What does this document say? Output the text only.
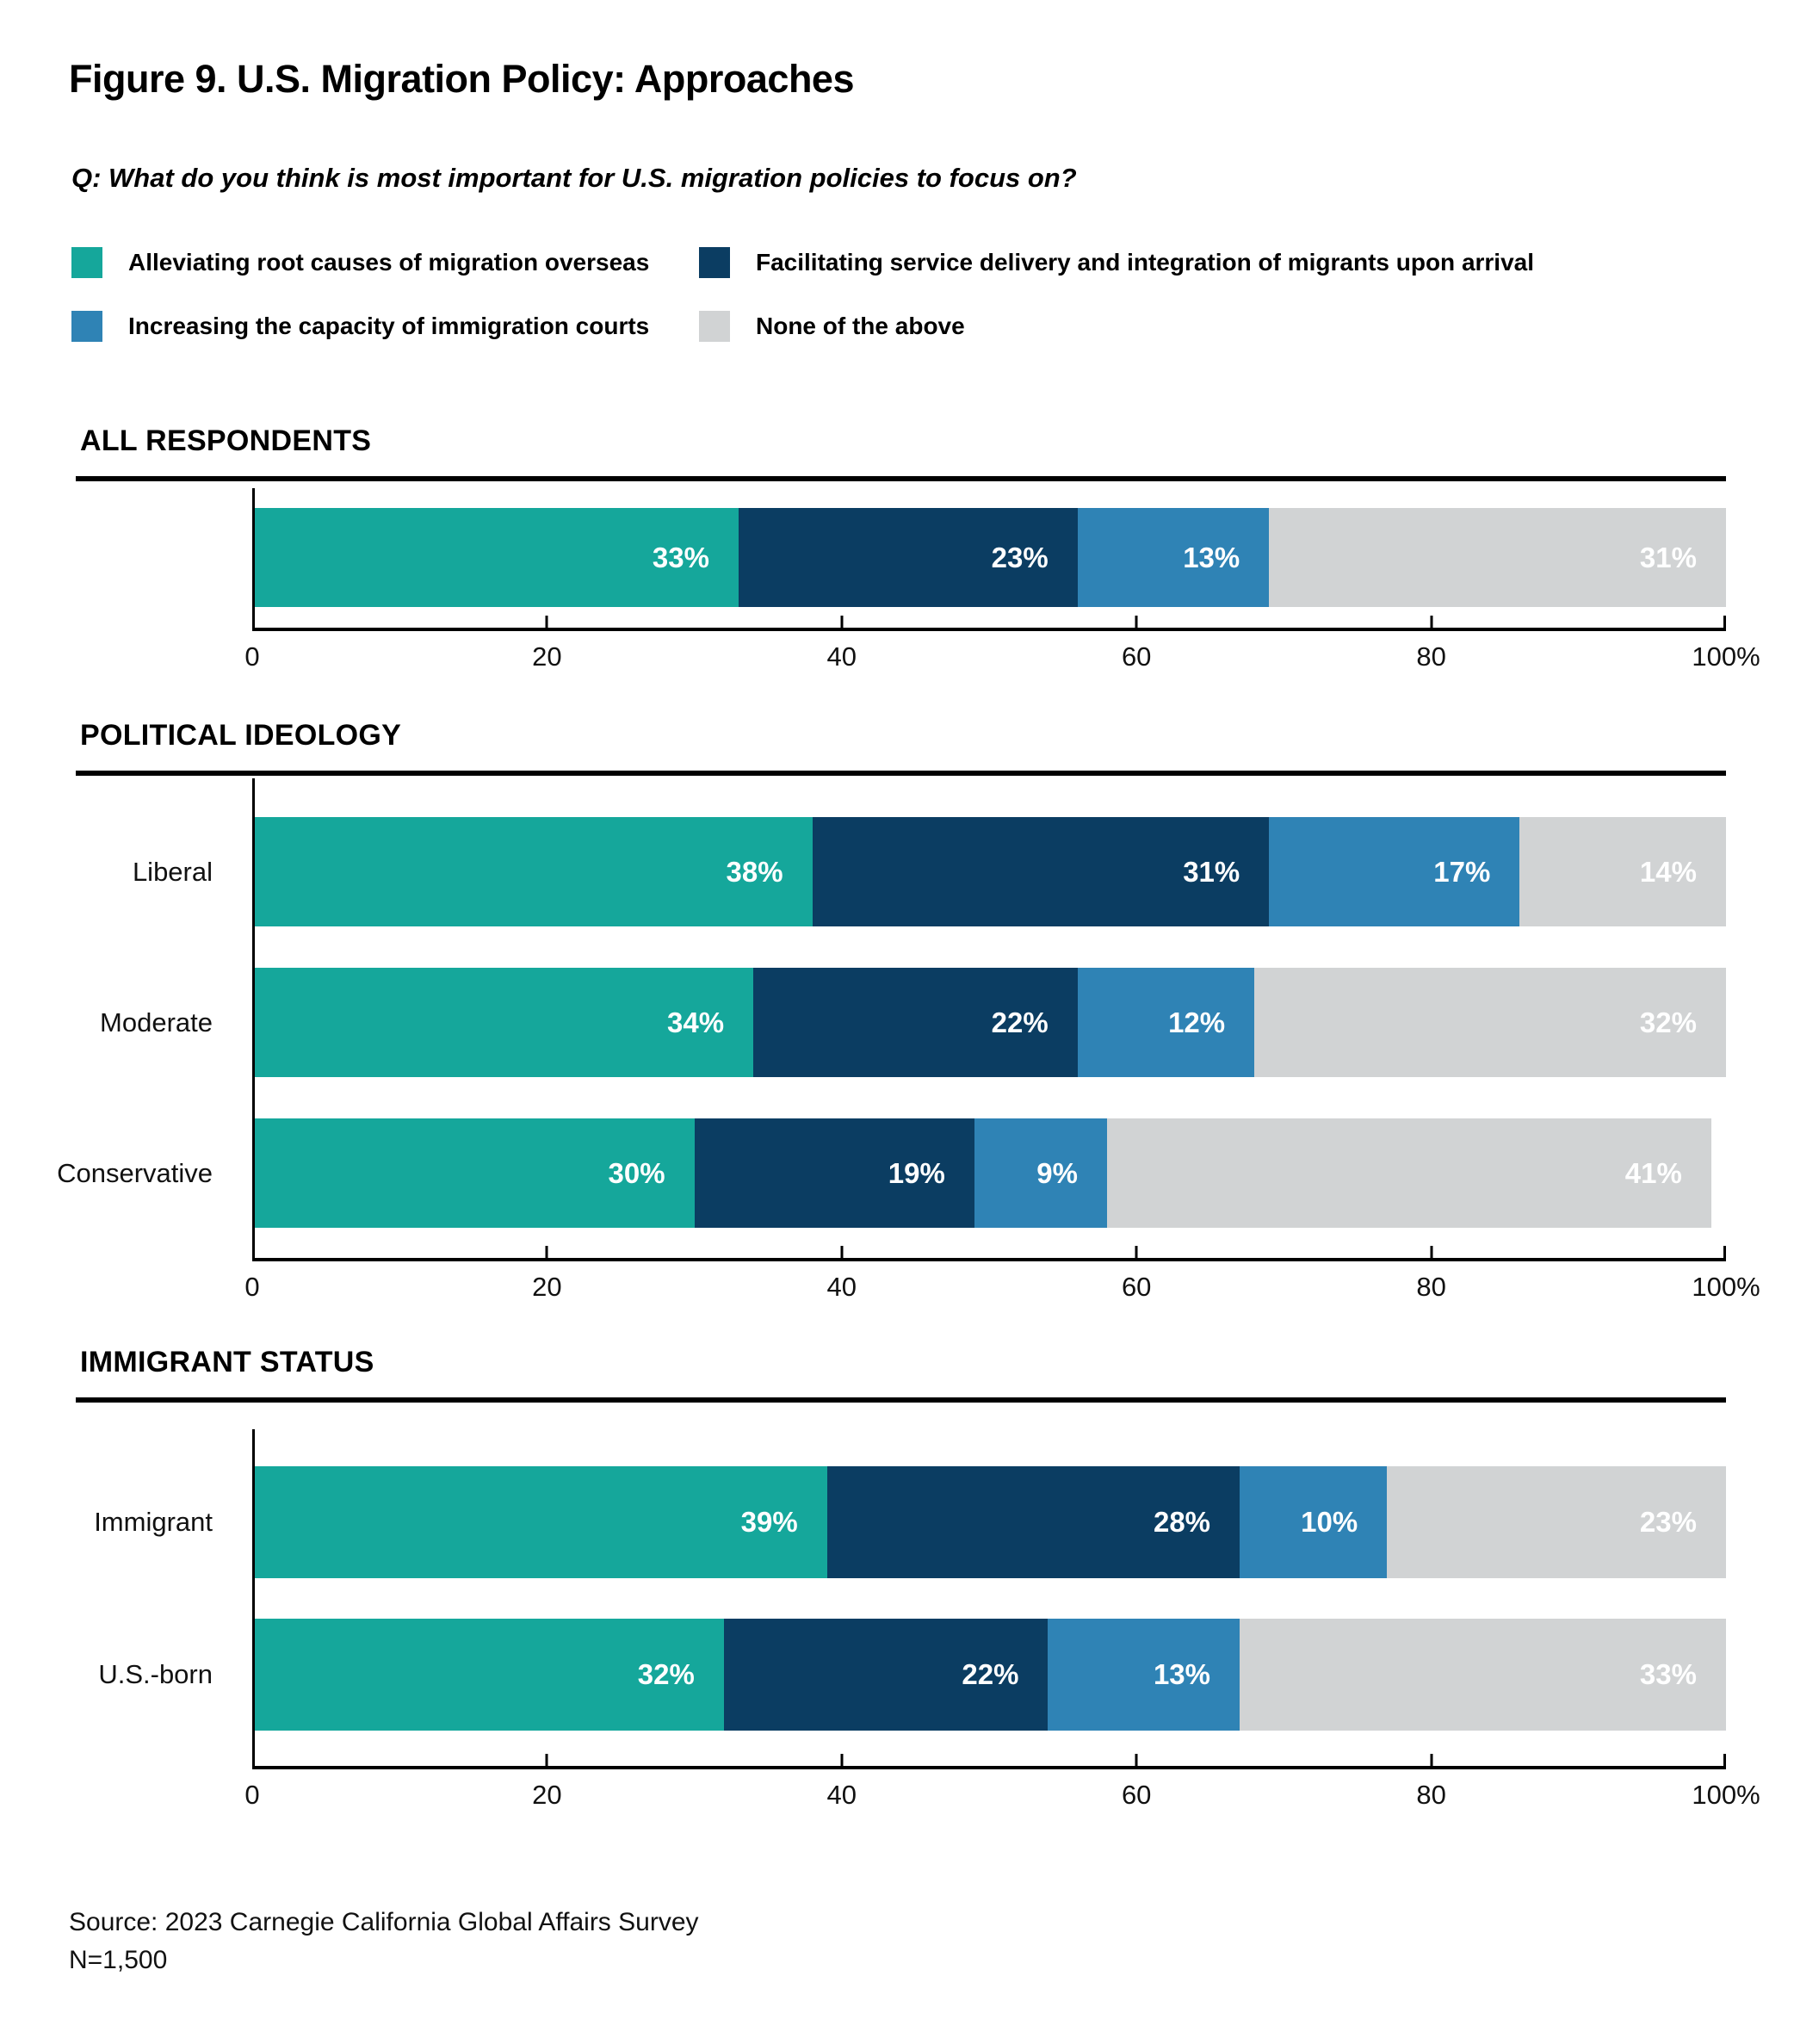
Figure 9. U.S. Migration Policy: Approaches

Q: What do you think is most important for U.S. migration policies to focus on?

Alleviating root causes of migration overseas	Facilitating service delivery and integration of migrants upon arrival
Increasing the capacity of immigration courts	None of the above
ALL RESPONDENTS
33%	23%	13%	31%
0	20	40	60	80	100%
POLITICAL IDEOLOGY
Liberal	38%	31%	17%	14%
Moderate	34%	22%	12%	32%
Conservative	30%	19%	9%	41%
0	20	40	60	80	100%
IMMIGRANT STATUS
Immigrant	39%	28%	10%	23%
U.S.-born	32%	22%	13%	33%
0	20	40	60	80	100%

Source: 2023 Carnegie California Global Affairs Survey

N=1,500
